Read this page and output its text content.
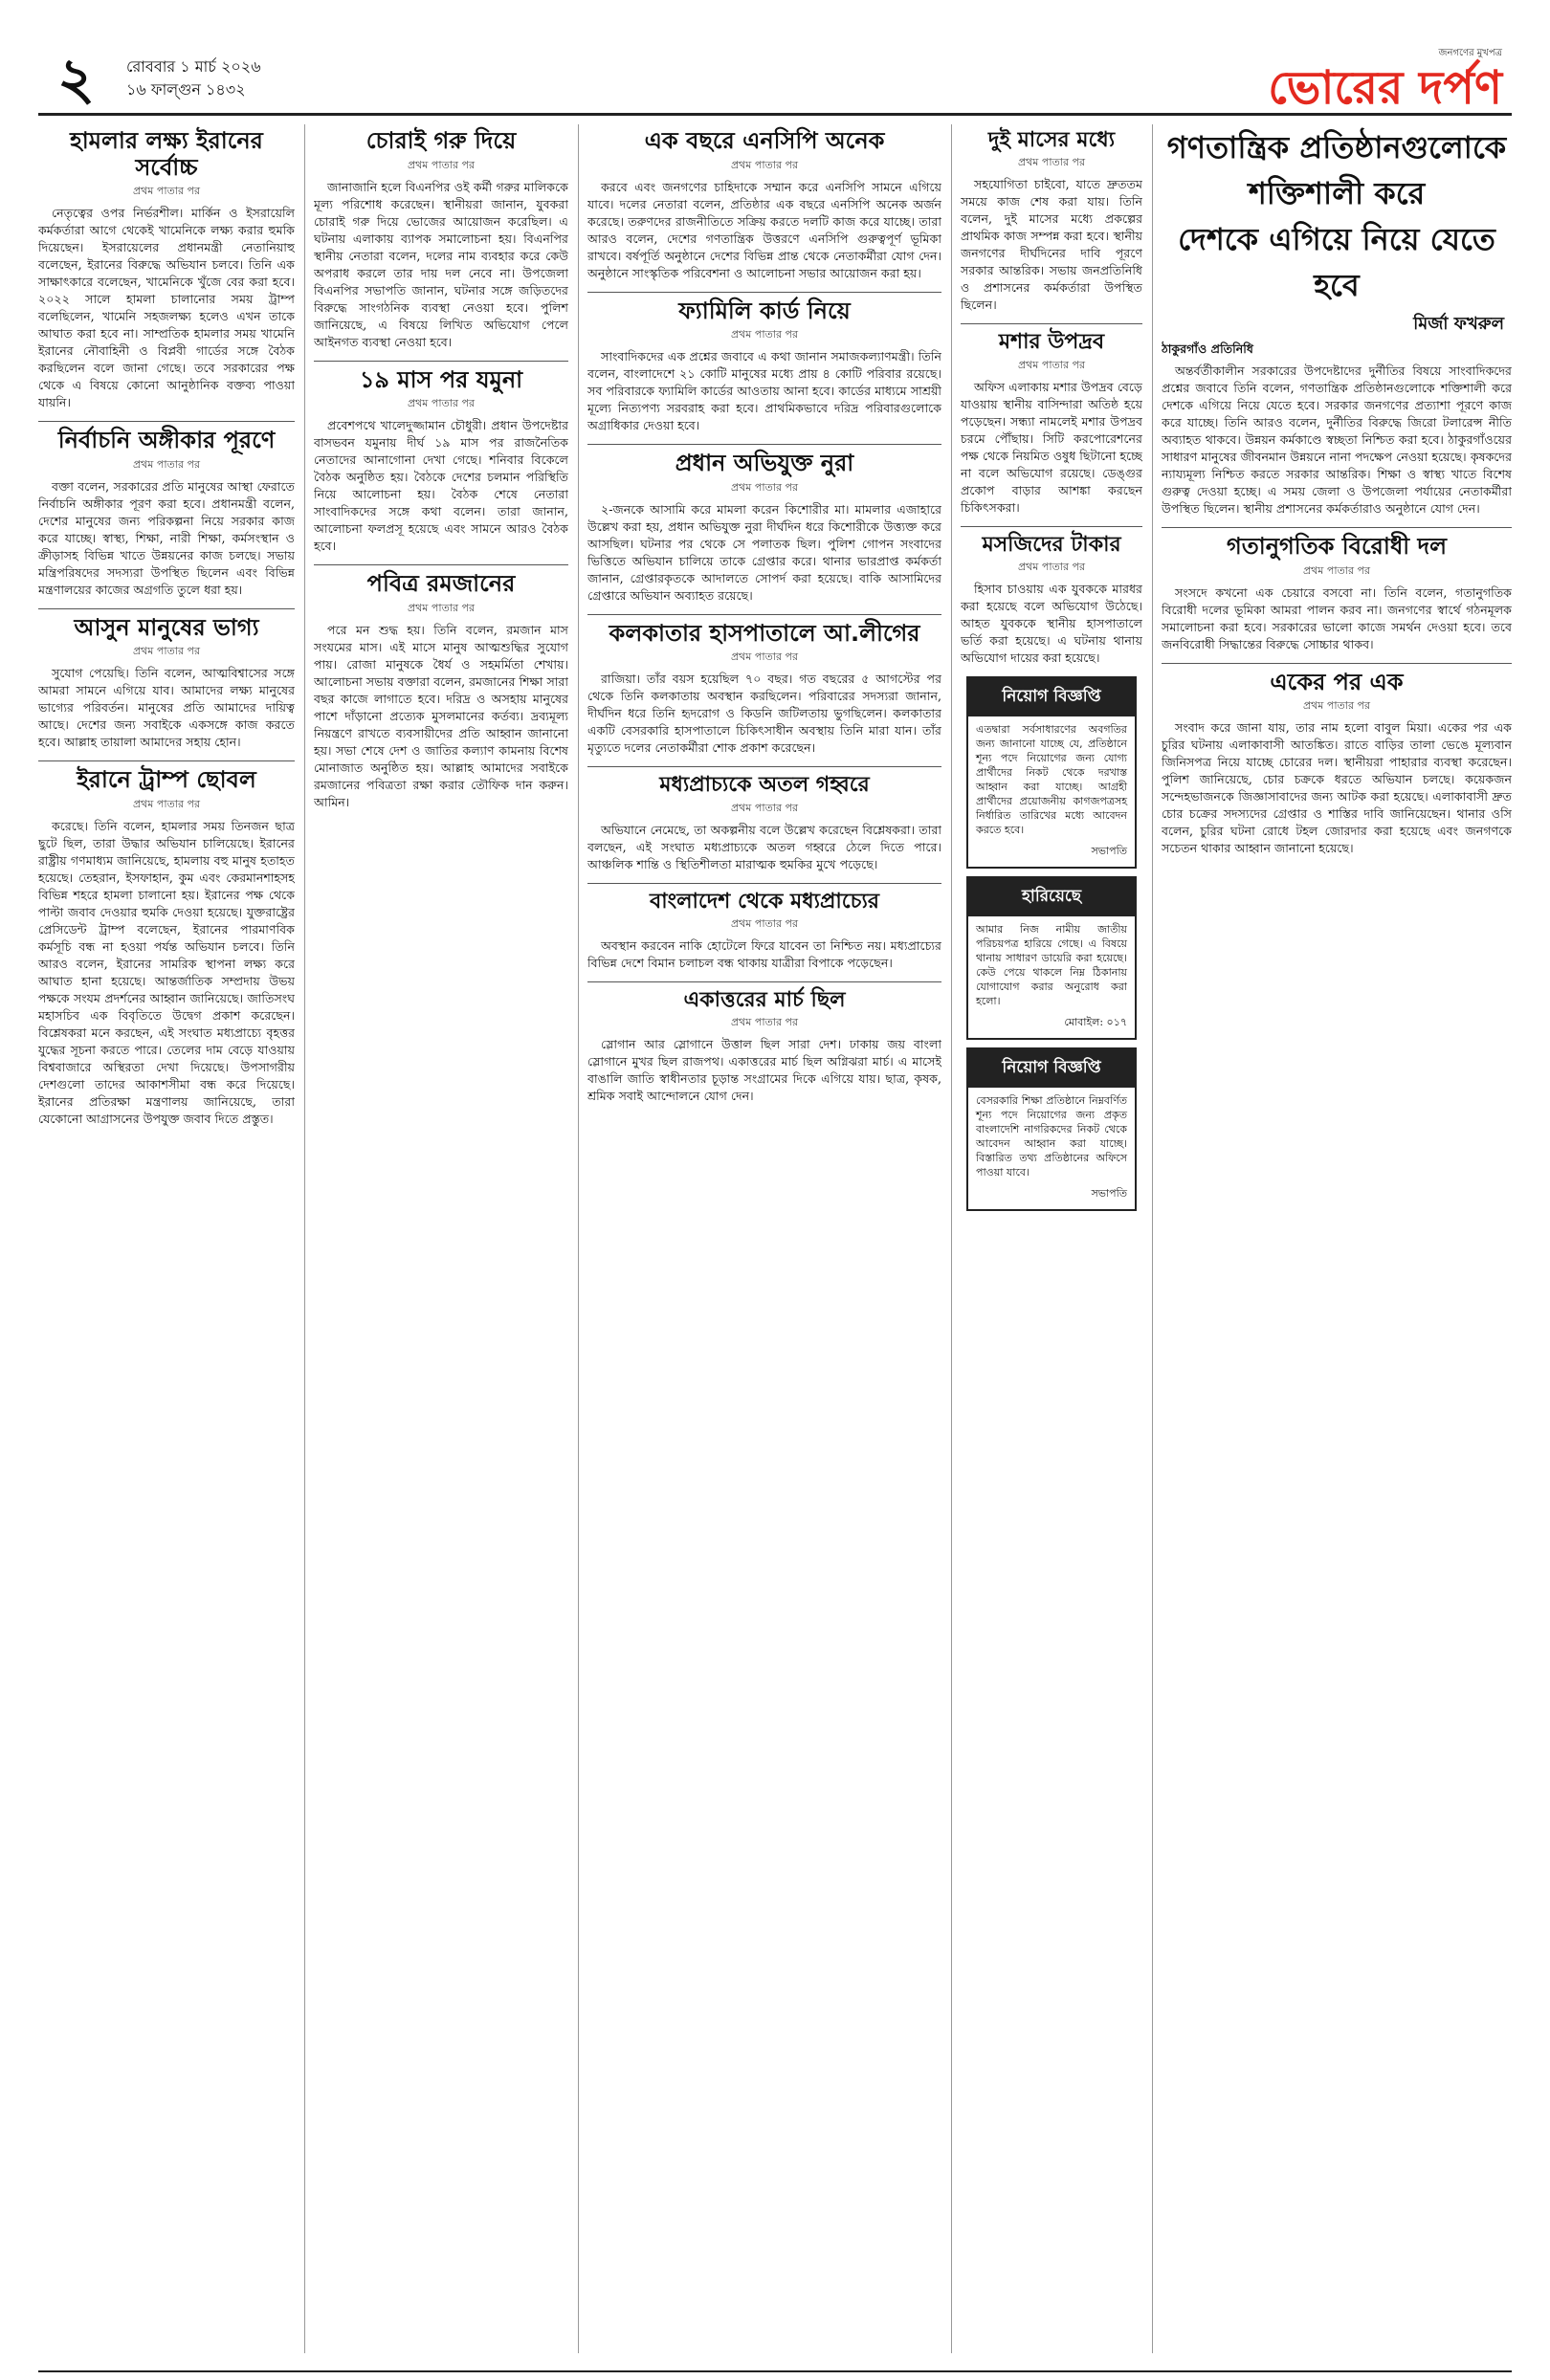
২ রোববার ১ মার্চ ২০২৬
১৬ ফাল্গুন ১৪৩২
জনগণের মুখপত্র
ভোরের দর্পণ
হামলার লক্ষ্য ইরানের সর্বোচ্চ
প্রথম পাতার পর

নেতৃত্বের ওপর নির্ভরশীল। মার্কিন ও ইসরায়েলি কর্মকর্তারা আগে থেকেই খামেনিকে লক্ষ্য করার হুমকি দিয়েছেন। ইসরায়েলের প্রধানমন্ত্রী নেতানিয়াহু বলেছেন, ইরানের বিরুদ্ধে অভিযান চলবে। তিনি এক সাক্ষাৎকারে বলেছেন, খামেনিকে খুঁজে বের করা হবে। ২০২২ সালে হামলা চালানোর সময় ট্রাম্প বলেছিলেন, খামেনি সহজলক্ষ্য হলেও এখন তাকে আঘাত করা হবে না। সাম্প্রতিক হামলার সময় খামেনি ইরানের নৌবাহিনী ও বিপ্লবী গার্ডের সঙ্গে বৈঠক করছিলেন বলে জানা গেছে। তবে সরকারের পক্ষ থেকে এ বিষয়ে কোনো আনুষ্ঠানিক বক্তব্য পাওয়া যায়নি।

নির্বাচনি অঙ্গীকার পূরণে
প্রথম পাতার পর

বক্তা বলেন, সরকারের প্রতি মানুষের আস্থা ফেরাতে নির্বাচনি অঙ্গীকার পূরণ করা হবে। প্রধানমন্ত্রী বলেন, দেশের মানুষের জন্য পরিকল্পনা নিয়ে সরকার কাজ করে যাচ্ছে। স্বাস্থ্য, শিক্ষা, নারী শিক্ষা, কর্মসংস্থান ও ক্রীড়াসহ বিভিন্ন খাতে উন্নয়নের কাজ চলছে। সভায় মন্ত্রিপরিষদের সদস্যরা উপস্থিত ছিলেন এবং বিভিন্ন মন্ত্রণালয়ের কাজের অগ্রগতি তুলে ধরা হয়।

আসুন মানুষের ভাগ্য
প্রথম পাতার পর

সুযোগ পেয়েছি। তিনি বলেন, আত্মবিশ্বাসের সঙ্গে আমরা সামনে এগিয়ে যাব। আমাদের লক্ষ্য মানুষের ভাগ্যের পরিবর্তন। মানুষের প্রতি আমাদের দায়িত্ব আছে। দেশের জন্য সবাইকে একসঙ্গে কাজ করতে হবে। আল্লাহ তায়ালা আমাদের সহায় হোন।

ইরানে ট্রাম্প ছোবল
প্রথম পাতার পর

করেছে। তিনি বলেন, হামলার সময় তিনজন ছাত্র ছুটে ছিল, তারা উদ্ধার অভিযান চালিয়েছে। ইরানের রাষ্ট্রীয় গণমাধ্যম জানিয়েছে, হামলায় বহু মানুষ হতাহত হয়েছে। তেহরান, ইসফাহান, কুম এবং কেরমানশাহসহ বিভিন্ন শহরে হামলা চালানো হয়। ইরানের পক্ষ থেকে পাল্টা জবাব দেওয়ার হুমকি দেওয়া হয়েছে। যুক্তরাষ্ট্রের প্রেসিডেন্ট ট্রাম্প বলেছেন, ইরানের পারমাণবিক কর্মসূচি বন্ধ না হওয়া পর্যন্ত অভিযান চলবে। তিনি আরও বলেন, ইরানের সামরিক স্থাপনা লক্ষ্য করে আঘাত হানা হয়েছে। আন্তর্জাতিক সম্প্রদায় উভয় পক্ষকে সংযম প্রদর্শনের আহ্বান জানিয়েছে। জাতিসংঘ মহাসচিব এক বিবৃতিতে উদ্বেগ প্রকাশ করেছেন। বিশ্লেষকরা মনে করছেন, এই সংঘাত মধ্যপ্রাচ্যে বৃহত্তর যুদ্ধের সূচনা করতে পারে। তেলের দাম বেড়ে যাওয়ায় বিশ্ববাজারে অস্থিরতা দেখা দিয়েছে। উপসাগরীয় দেশগুলো তাদের আকাশসীমা বন্ধ করে দিয়েছে। ইরানের প্রতিরক্ষা মন্ত্রণালয় জানিয়েছে, তারা যেকোনো আগ্রাসনের উপযুক্ত জবাব দিতে প্রস্তুত।

চোরাই গরু দিয়ে
প্রথম পাতার পর

জানাজানি হলে বিএনপির ওই কর্মী গরুর মালিককে মূল্য পরিশোধ করেছেন। স্থানীয়রা জানান, যুবকরা চোরাই গরু দিয়ে ভোজের আয়োজন করেছিল। এ ঘটনায় এলাকায় ব্যাপক সমালোচনা হয়। বিএনপির স্থানীয় নেতারা বলেন, দলের নাম ব্যবহার করে কেউ অপরাধ করলে তার দায় দল নেবে না। উপজেলা বিএনপির সভাপতি জানান, ঘটনার সঙ্গে জড়িতদের বিরুদ্ধে সাংগঠনিক ব্যবস্থা নেওয়া হবে। পুলিশ জানিয়েছে, এ বিষয়ে লিখিত অভিযোগ পেলে আইনগত ব্যবস্থা নেওয়া হবে।

১৯ মাস পর যমুনা
প্রথম পাতার পর

প্রবেশপথে খালেদুজ্জামান চৌধুরী। প্রধান উপদেষ্টার বাসভবন যমুনায় দীর্ঘ ১৯ মাস পর রাজনৈতিক নেতাদের আনাগোনা দেখা গেছে। শনিবার বিকেলে বৈঠক অনুষ্ঠিত হয়। বৈঠকে দেশের চলমান পরিস্থিতি নিয়ে আলোচনা হয়। বৈঠক শেষে নেতারা সাংবাদিকদের সঙ্গে কথা বলেন। তারা জানান, আলোচনা ফলপ্রসূ হয়েছে এবং সামনে আরও বৈঠক হবে।

পবিত্র রমজানের
প্রথম পাতার পর

পরে মন শুদ্ধ হয়। তিনি বলেন, রমজান মাস সংযমের মাস। এই মাসে মানুষ আত্মশুদ্ধির সুযোগ পায়। রোজা মানুষকে ধৈর্য ও সহমর্মিতা শেখায়। আলোচনা সভায় বক্তারা বলেন, রমজানের শিক্ষা সারা বছর কাজে লাগাতে হবে। দরিদ্র ও অসহায় মানুষের পাশে দাঁড়ানো প্রত্যেক মুসলমানের কর্তব্য। দ্রব্যমূল্য নিয়ন্ত্রণে রাখতে ব্যবসায়ীদের প্রতি আহ্বান জানানো হয়। সভা শেষে দেশ ও জাতির কল্যাণ কামনায় বিশেষ মোনাজাত অনুষ্ঠিত হয়। আল্লাহ আমাদের সবাইকে রমজানের পবিত্রতা রক্ষা করার তৌফিক দান করুন। আমিন।

এক বছরে এনসিপি অনেক
প্রথম পাতার পর

করবে এবং জনগণের চাহিদাকে সম্মান করে এনসিপি সামনে এগিয়ে যাবে। দলের নেতারা বলেন, প্রতিষ্ঠার এক বছরে এনসিপি অনেক অর্জন করেছে। তরুণদের রাজনীতিতে সক্রিয় করতে দলটি কাজ করে যাচ্ছে। তারা আরও বলেন, দেশের গণতান্ত্রিক উত্তরণে এনসিপি গুরুত্বপূর্ণ ভূমিকা রাখবে। বর্ষপূর্তি অনুষ্ঠানে দেশের বিভিন্ন প্রান্ত থেকে নেতাকর্মীরা যোগ দেন। অনুষ্ঠানে সাংস্কৃতিক পরিবেশনা ও আলোচনা সভার আয়োজন করা হয়।

ফ্যামিলি কার্ড নিয়ে
প্রথম পাতার পর

সাংবাদিকদের এক প্রশ্নের জবাবে এ কথা জানান সমাজকল্যাণমন্ত্রী। তিনি বলেন, বাংলাদেশে ২১ কোটি মানুষের মধ্যে প্রায় ৪ কোটি পরিবার রয়েছে। সব পরিবারকে ফ্যামিলি কার্ডের আওতায় আনা হবে। কার্ডের মাধ্যমে সাশ্রয়ী মূল্যে নিত্যপণ্য সরবরাহ করা হবে। প্রাথমিকভাবে দরিদ্র পরিবারগুলোকে অগ্রাধিকার দেওয়া হবে।

প্রধান অভিযুক্ত নুরা
প্রথম পাতার পর

২-জনকে আসামি করে মামলা করেন কিশোরীর মা। মামলার এজাহারে উল্লেখ করা হয়, প্রধান অভিযুক্ত নুরা দীর্ঘদিন ধরে কিশোরীকে উত্ত্যক্ত করে আসছিল। ঘটনার পর থেকে সে পলাতক ছিল। পুলিশ গোপন সংবাদের ভিত্তিতে অভিযান চালিয়ে তাকে গ্রেপ্তার করে। থানার ভারপ্রাপ্ত কর্মকর্তা জানান, গ্রেপ্তারকৃতকে আদালতে সোপর্দ করা হয়েছে। বাকি আসামিদের গ্রেপ্তারে অভিযান অব্যাহত রয়েছে।

কলকাতার হাসপাতালে আ.লীগের
প্রথম পাতার পর

রাজিয়া। তাঁর বয়স হয়েছিল ৭০ বছর। গত বছরের ৫ আগস্টের পর থেকে তিনি কলকাতায় অবস্থান করছিলেন। পরিবারের সদস্যরা জানান, দীর্ঘদিন ধরে তিনি হৃদরোগ ও কিডনি জটিলতায় ভুগছিলেন। কলকাতার একটি বেসরকারি হাসপাতালে চিকিৎসাধীন অবস্থায় তিনি মারা যান। তাঁর মৃত্যুতে দলের নেতাকর্মীরা শোক প্রকাশ করেছেন।

মধ্যপ্রাচ্যকে অতল গহ্বরে
প্রথম পাতার পর

অভিযানে নেমেছে, তা অকল্পনীয় বলে উল্লেখ করেছেন বিশ্লেষকরা। তারা বলছেন, এই সংঘাত মধ্যপ্রাচ্যকে অতল গহ্বরে ঠেলে দিতে পারে। আঞ্চলিক শান্তি ও স্থিতিশীলতা মারাত্মক হুমকির মুখে পড়েছে।

বাংলাদেশ থেকে মধ্যপ্রাচ্যের
প্রথম পাতার পর

অবস্থান করবেন নাকি হোটেলে ফিরে যাবেন তা নিশ্চিত নয়। মধ্যপ্রাচ্যের বিভিন্ন দেশে বিমান চলাচল বন্ধ থাকায় যাত্রীরা বিপাকে পড়েছেন।

একাত্তরের মার্চ ছিল
প্রথম পাতার পর

স্লোগান আর স্লোগানে উত্তাল ছিল সারা দেশ। ঢাকায় জয় বাংলা স্লোগানে মুখর ছিল রাজপথ। একাত্তরের মার্চ ছিল অগ্নিঝরা মার্চ। এ মাসেই বাঙালি জাতি স্বাধীনতার চূড়ান্ত সংগ্রামের দিকে এগিয়ে যায়। ছাত্র, কৃষক, শ্রমিক সবাই আন্দোলনে যোগ দেন।

দুই মাসের মধ্যে
প্রথম পাতার পর

সহযোগিতা চাইবো, যাতে দ্রুততম সময়ে কাজ শেষ করা যায়। তিনি বলেন, দুই মাসের মধ্যে প্রকল্পের প্রাথমিক কাজ সম্পন্ন করা হবে। স্থানীয় জনগণের দীর্ঘদিনের দাবি পূরণে সরকার আন্তরিক। সভায় জনপ্রতিনিধি ও প্রশাসনের কর্মকর্তারা উপস্থিত ছিলেন।

মশার উপদ্রব
প্রথম পাতার পর

অফিস এলাকায় মশার উপদ্রব বেড়ে যাওয়ায় স্থানীয় বাসিন্দারা অতিষ্ঠ হয়ে পড়েছেন। সন্ধ্যা নামলেই মশার উপদ্রব চরমে পৌঁছায়। সিটি করপোরেশনের পক্ষ থেকে নিয়মিত ওষুধ ছিটানো হচ্ছে না বলে অভিযোগ রয়েছে। ডেঙ্গুর প্রকোপ বাড়ার আশঙ্কা করছেন চিকিৎসকরা।

মসজিদের টাকার
প্রথম পাতার পর

হিসাব চাওয়ায় এক যুবককে মারধর করা হয়েছে বলে অভিযোগ উঠেছে। আহত যুবককে স্থানীয় হাসপাতালে ভর্তি করা হয়েছে। এ ঘটনায় থানায় অভিযোগ দায়ের করা হয়েছে।

নিয়োগ বিজ্ঞপ্তি
এতদ্বারা সর্বসাধারণের অবগতির জন্য জানানো যাচ্ছে যে, প্রতিষ্ঠানে শূন্য পদে নিয়োগের জন্য যোগ্য প্রার্থীদের নিকট থেকে দরখাস্ত আহ্বান করা যাচ্ছে। আগ্রহী প্রার্থীদের প্রয়োজনীয় কাগজপত্রসহ নির্ধারিত তারিখের মধ্যে আবেদন করতে হবে।
সভাপতি
হারিয়েছে
আমার নিজ নামীয় জাতীয় পরিচয়পত্র হারিয়ে গেছে। এ বিষয়ে থানায় সাধারণ ডায়েরি করা হয়েছে। কেউ পেয়ে থাকলে নিম্ন ঠিকানায় যোগাযোগ করার অনুরোধ করা হলো।
মোবাইল: ০১৭
নিয়োগ বিজ্ঞপ্তি
বেসরকারি শিক্ষা প্রতিষ্ঠানে নিম্নবর্ণিত শূন্য পদে নিয়োগের জন্য প্রকৃত বাংলাদেশি নাগরিকদের নিকট থেকে আবেদন আহ্বান করা যাচ্ছে। বিস্তারিত তথ্য প্রতিষ্ঠানের অফিসে পাওয়া যাবে।
সভাপতি
গণতান্ত্রিক প্রতিষ্ঠানগুলোকে শক্তিশালী করে
দেশকে এগিয়ে নিয়ে যেতে হবে
মির্জা ফখরুল
ঠাকুরগাঁও প্রতিনিধি

অন্তর্বর্তীকালীন সরকারের উপদেষ্টাদের দুর্নীতির বিষয়ে সাংবাদিকদের প্রশ্নের জবাবে তিনি বলেন, গণতান্ত্রিক প্রতিষ্ঠানগুলোকে শক্তিশালী করে দেশকে এগিয়ে নিয়ে যেতে হবে। সরকার জনগণের প্রত্যাশা পূরণে কাজ করে যাচ্ছে। তিনি আরও বলেন, দুর্নীতির বিরুদ্ধে জিরো টলারেন্স নীতি অব্যাহত থাকবে। উন্নয়ন কর্মকাণ্ডে স্বচ্ছতা নিশ্চিত করা হবে। ঠাকুরগাঁওয়ের সাধারণ মানুষের জীবনমান উন্নয়নে নানা পদক্ষেপ নেওয়া হয়েছে। কৃষকদের ন্যায্যমূল্য নিশ্চিত করতে সরকার আন্তরিক। শিক্ষা ও স্বাস্থ্য খাতে বিশেষ গুরুত্ব দেওয়া হচ্ছে। এ সময় জেলা ও উপজেলা পর্যায়ের নেতাকর্মীরা উপস্থিত ছিলেন। স্থানীয় প্রশাসনের কর্মকর্তারাও অনুষ্ঠানে যোগ দেন।

গতানুগতিক বিরোধী দল
প্রথম পাতার পর

সংসদে কখনো এক চেয়ারে বসবো না। তিনি বলেন, গতানুগতিক বিরোধী দলের ভূমিকা আমরা পালন করব না। জনগণের স্বার্থে গঠনমূলক সমালোচনা করা হবে। সরকারের ভালো কাজে সমর্থন দেওয়া হবে। তবে জনবিরোধী সিদ্ধান্তের বিরুদ্ধে সোচ্চার থাকব।

একের পর এক
প্রথম পাতার পর

সংবাদ করে জানা যায়, তার নাম হলো বাবুল মিয়া। একের পর এক চুরির ঘটনায় এলাকাবাসী আতঙ্কিত। রাতে বাড়ির তালা ভেঙে মূল্যবান জিনিসপত্র নিয়ে যাচ্ছে চোরের দল। স্থানীয়রা পাহারার ব্যবস্থা করেছেন। পুলিশ জানিয়েছে, চোর চক্রকে ধরতে অভিযান চলছে। কয়েকজন সন্দেহভাজনকে জিজ্ঞাসাবাদের জন্য আটক করা হয়েছে। এলাকাবাসী দ্রুত চোর চক্রের সদস্যদের গ্রেপ্তার ও শাস্তির দাবি জানিয়েছেন। থানার ওসি বলেন, চুরির ঘটনা রোধে টহল জোরদার করা হয়েছে এবং জনগণকে সচেতন থাকার আহ্বান জানানো হয়েছে।
